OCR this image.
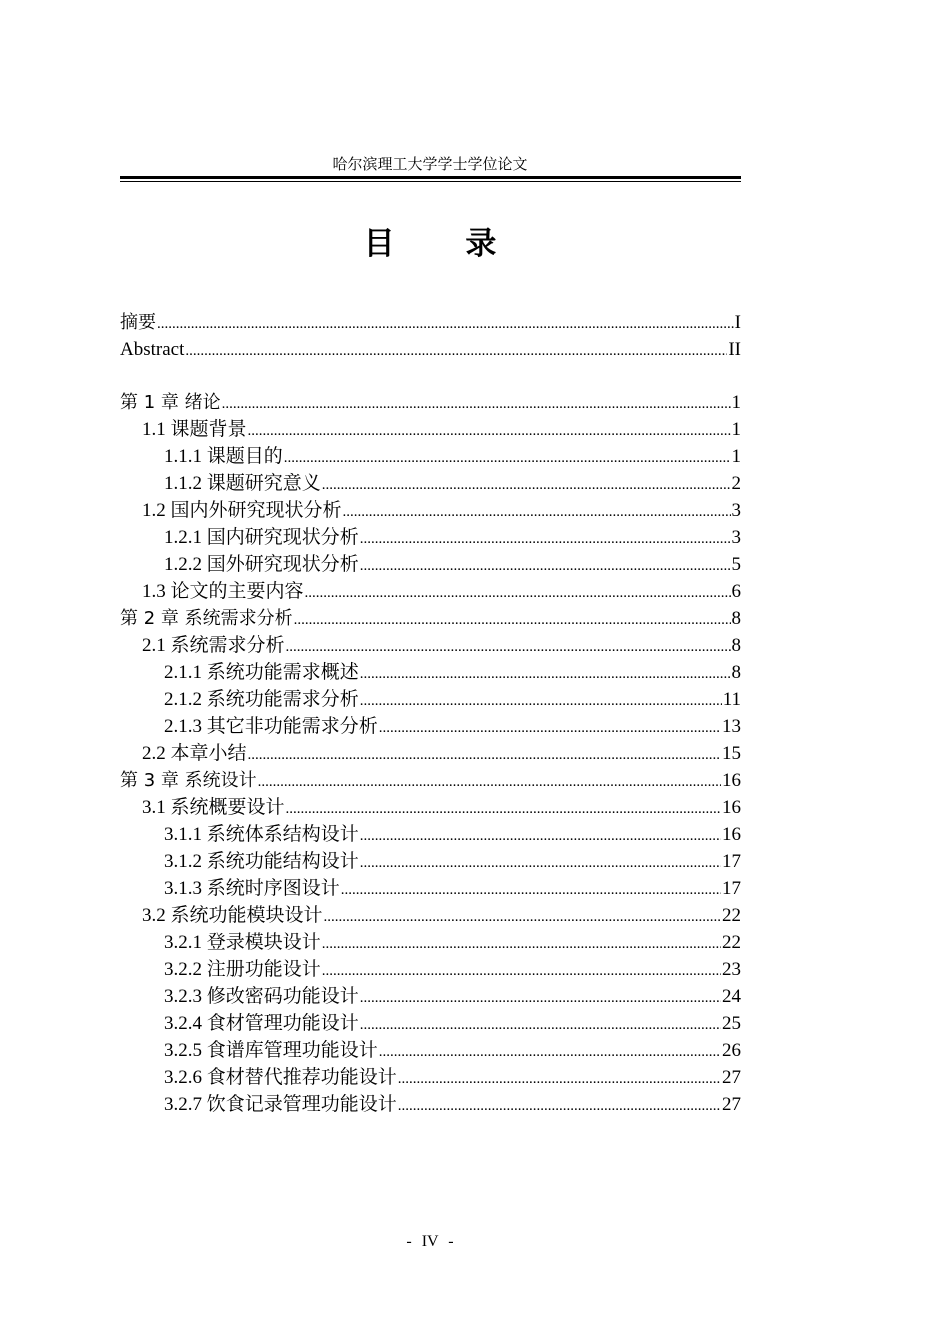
哈尔滨理工大学学士学位论文
目 录
摘要 .....	I
Abstract .....	II
第 1 章 绪论 .....	1
1.1 课题背景 .....	1
1.1.1 课题目的 .....	1
1.1.2 课题研究意义 .....	2
1.2 国内外研究现状分析 .....	3
1.2.1 国内研究现状分析 .....	3
1.2.2 国外研究现状分析 .....	5
1.3 论文的主要内容 .....	6
第 2 章 系统需求分析 .....	8
2.1 系统需求分析 .....	8
2.1.1 系统功能需求概述 .....	8
2.1.2 系统功能需求分析 .....	11
2.1.3 其它非功能需求分析 .....	13
2.2 本章小结 .....	15
第 3 章 系统设计 .....	16
3.1 系统概要设计 .....	16
3.1.1 系统体系结构设计 .....	16
3.1.2 系统功能结构设计 .....	17
3.1.3 系统时序图设计 .....	17
3.2 系统功能模块设计 .....	22
3.2.1 登录模块设计 .....	22
3.2.2 注册功能设计 .....	23
3.2.3 修改密码功能设计 .....	24
3.2.4 食材管理功能设计 .....	25
3.2.5 食谱库管理功能设计 .....	26
3.2.6 食材替代推荐功能设计 .....	27
3.2.7 饮食记录管理功能设计 .....	27
- IV -
